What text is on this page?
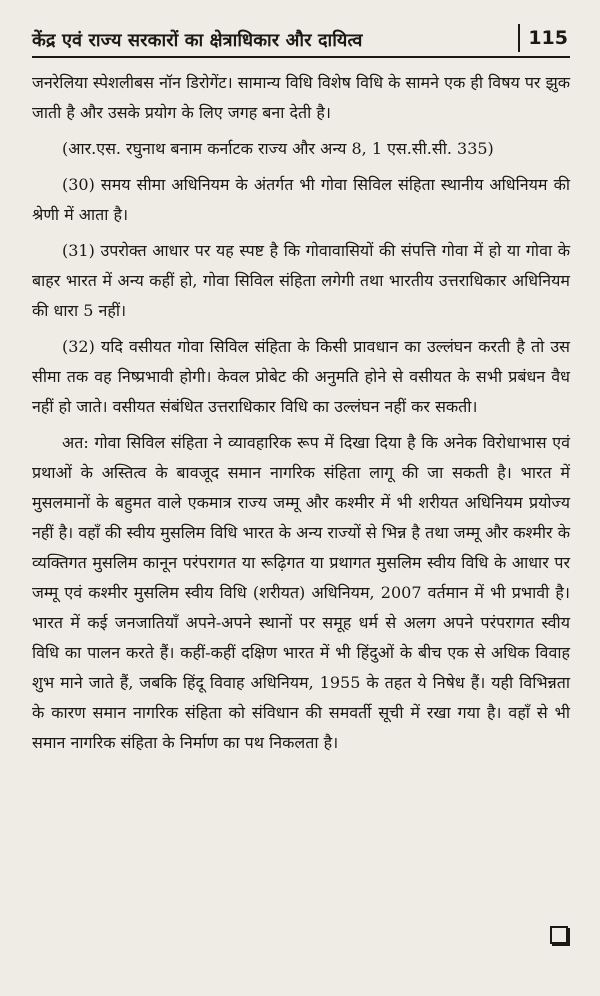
केंद्र एवं राज्य सरकारों का क्षेत्राधिकार और दायित्व	115

जनरेलिया स्पेशलीबस नॉन डिरोगेंट। सामान्य विधि विशेष विधि के सामने एक ही विषय पर झुक जाती है और उसके प्रयोग के लिए जगह बना देती है।

(आर.एस. रघुनाथ बनाम कर्नाटक राज्य और अन्य 8, 1 एस.सी.सी. 335)

(30) समय सीमा अधिनियम के अंतर्गत भी गोवा सिविल संहिता स्थानीय अधिनियम की श्रेणी में आता है।

(31) उपरोक्त आधार पर यह स्पष्ट है कि गोवावासियों की संपत्ति गोवा में हो या गोवा के बाहर भारत में अन्य कहीं हो, गोवा सिविल संहिता लगेगी तथा भारतीय उत्तराधिकार अधिनियम की धारा 5 नहीं।

(32) यदि वसीयत गोवा सिविल संहिता के किसी प्रावधान का उल्लंघन करती है तो उस सीमा तक वह निष्प्रभावी होगी। केवल प्रोबेट की अनुमति होने से वसीयत के सभी प्रबंधन वैध नहीं हो जाते। वसीयत संबंधित उत्तराधिकार विधि का उल्लंघन नहीं कर सकती।

अत: गोवा सिविल संहिता ने व्यावहारिक रूप में दिखा दिया है कि अनेक विरोधाभास एवं प्रथाओं के अस्तित्व के बावजूद समान नागरिक संहिता लागू की जा सकती है। भारत में मुसलमानों के बहुमत वाले एकमात्र राज्य जम्मू और कश्मीर में भी शरीयत अधिनियम प्रयोज्य नहीं है। वहाँ की स्वीय मुसलिम विधि भारत के अन्य राज्यों से भिन्न है तथा जम्मू और कश्मीर के व्यक्तिगत मुसलिम कानून परंपरागत या रूढ़िगत या प्रथागत मुसलिम स्वीय विधि के आधार पर जम्मू एवं कश्मीर मुसलिम स्वीय विधि (शरीयत) अधिनियम, 2007 वर्तमान में भी प्रभावी है। भारत में कई जनजातियाँ अपने-अपने स्थानों पर समूह धर्म से अलग अपने परंपरागत स्वीय विधि का पालन करते हैं। कहीं-कहीं दक्षिण भारत में भी हिंदुओं के बीच एक से अधिक विवाह शुभ माने जाते हैं, जबकि हिंदू विवाह अधिनियम, 1955 के तहत ये निषेध हैं। यही विभिन्नता के कारण समान नागरिक संहिता को संविधान की समवर्ती सूची में रखा गया है। वहाँ से भी समान नागरिक संहिता के निर्माण का पथ निकलता है।
